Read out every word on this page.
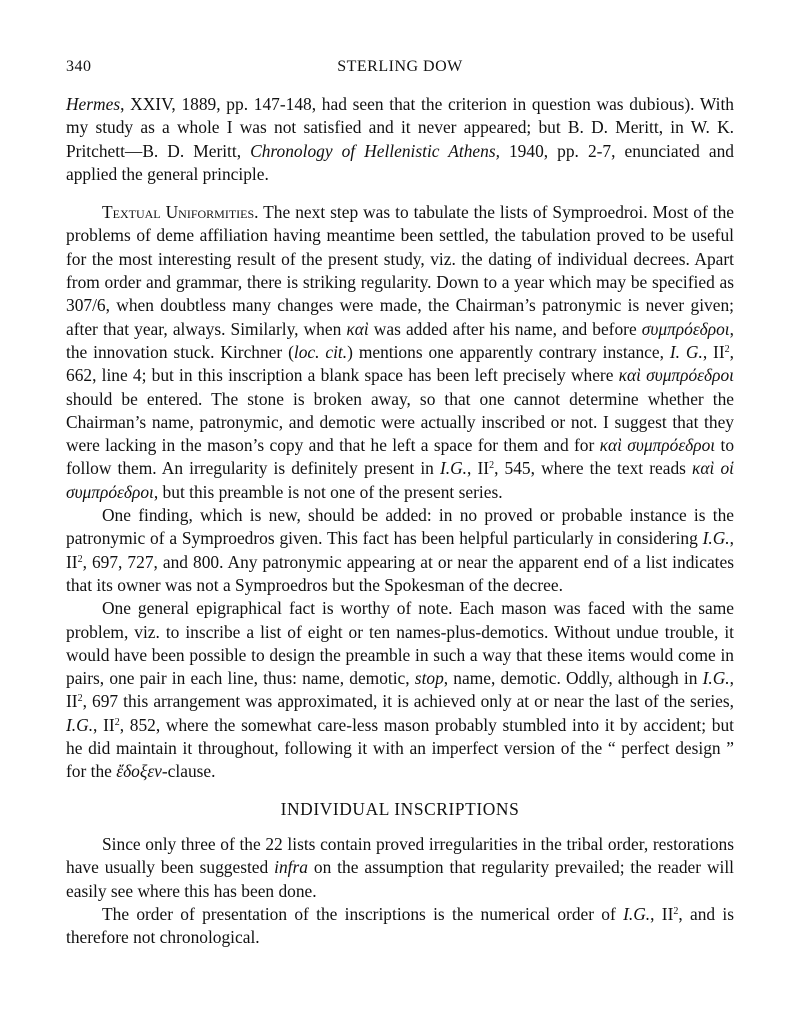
340	STERLING DOW

Hermes, XXIV, 1889, pp. 147-148, had seen that the criterion in question was dubious). With my study as a whole I was not satisfied and it never appeared; but B. D. Meritt, in W. K. Pritchett—B. D. Meritt, Chronology of Hellenistic Athens, 1940, pp. 2-7, enunciated and applied the general principle.

Textual Uniformities. The next step was to tabulate the lists of Symproedroi. Most of the problems of deme affiliation having meantime been settled, the tabulation proved to be useful for the most interesting result of the present study, viz. the dating of individual decrees. Apart from order and grammar, there is striking regularity. Down to a year which may be specified as 307/6, when doubtless many changes were made, the Chairman’s patronymic is never given; after that year, always. Similarly, when καὶ was added after his name, and before συμπρόεδροι, the innovation stuck. Kirchner (loc. cit.) mentions one apparently contrary instance, I. G., $II^2$, 662, line 4; but in this inscription a blank space has been left precisely where καὶ συμπρόεδροι should be entered. The stone is broken away, so that one cannot determine whether the Chairman’s name, patronymic, and demotic were actually inscribed or not. I suggest that they were lacking in the mason’s copy and that he left a space for them and for καὶ συμπρόεδροι to follow them. An irregularity is definitely present in I.G., $II^2$, 545, where the text reads καὶ οἱ συμπρόεδροι, but this preamble is not one of the present series.

One finding, which is new, should be added: in no proved or probable instance is the patronymic of a Symproedros given. This fact has been helpful particularly in considering I.G., $II^2$, 697, 727, and 800. Any patronymic appearing at or near the apparent end of a list indicates that its owner was not a Symproedros but the Spokesman of the decree.

One general epigraphical fact is worthy of note. Each mason was faced with the same problem, viz. to inscribe a list of eight or ten names-plus-demotics. Without undue trouble, it would have been possible to design the preamble in such a way that these items would come in pairs, one pair in each line, thus: name, demotic, stop, name, demotic. Oddly, although in I.G., $II^2$, 697 this arrangement was approximated, it is achieved only at or near the last of the series, I.G., $II^2$, 852, where the somewhat care-less mason probably stumbled into it by accident; but he did maintain it throughout, following it with an imperfect version of the “ perfect design ” for the ἔδοξεν-clause.

INDIVIDUAL INSCRIPTIONS

Since only three of the 22 lists contain proved irregularities in the tribal order, restorations have usually been suggested infra on the assumption that regularity prevailed; the reader will easily see where this has been done.

The order of presentation of the inscriptions is the numerical order of I.G., $II^2$, and is therefore not chronological.
